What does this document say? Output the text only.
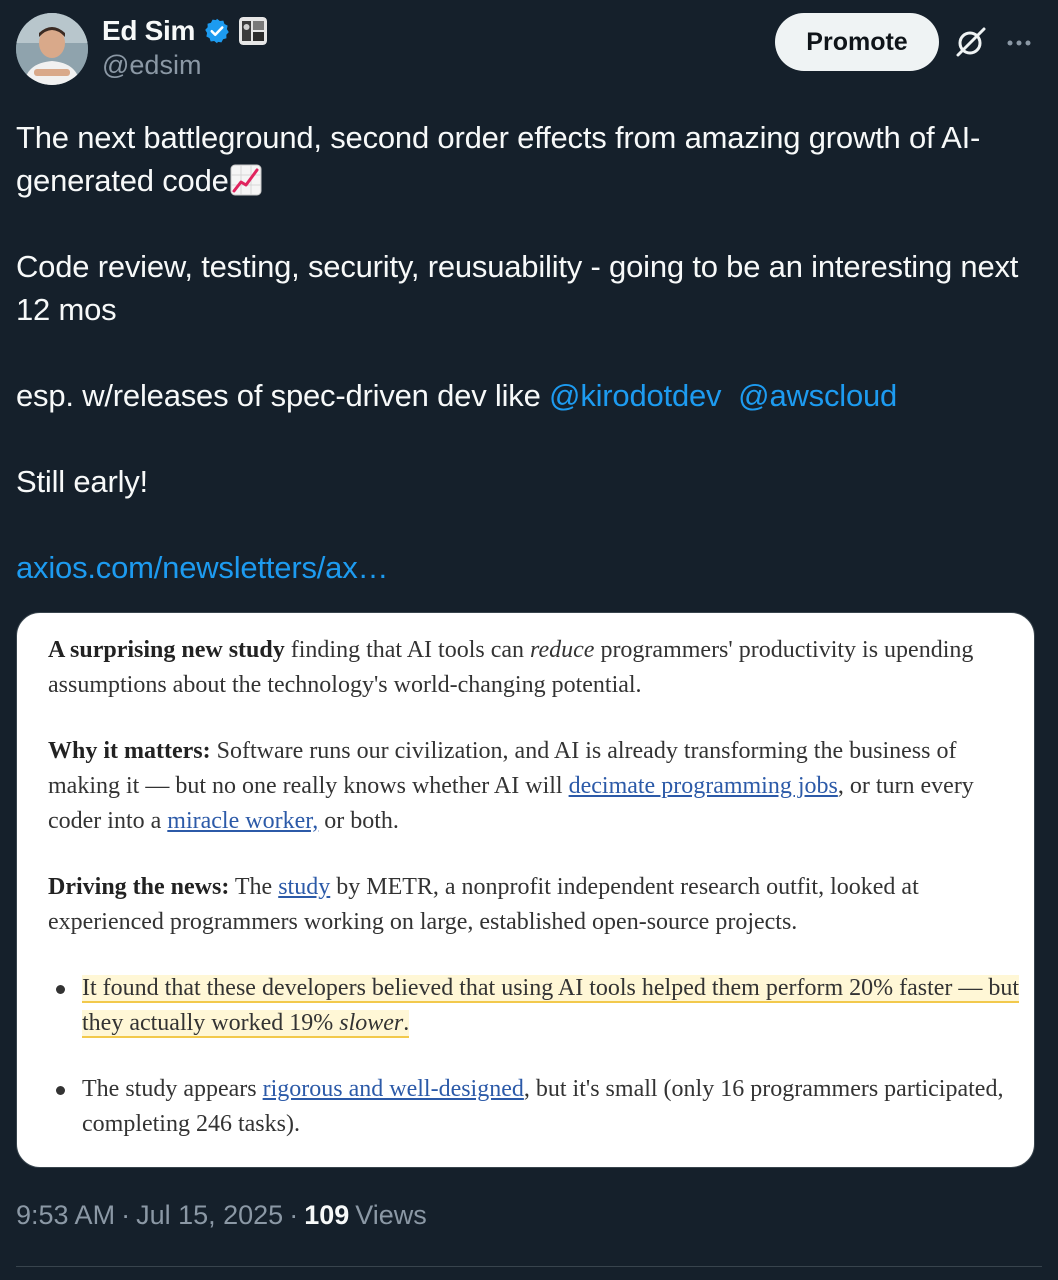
Ed Sim
@edsim
Promote

The next battleground, second order effects from amazing growth of AI-generated code

Code review, testing, security, reusuability - going to be an interesting next 12 mos

esp. w/releases of spec-driven dev like @kirodotdev @awscloud

Still early!

axios.com/newsletters/ax…

A surprising new study finding that AI tools can reduce programmers' productivity is upending assumptions about the technology's world-changing potential.

Why it matters: Software runs our civilization, and AI is already transforming the business of making it — but no one really knows whether AI will decimate programming jobs, or turn every coder into a miracle worker, or both.

Driving the news: The study by METR, a nonprofit independent research outfit, looked at experienced programmers working on large, established open-source projects.

It found that these developers believed that using AI tools helped them perform 20% faster — but they actually worked 19% slower.
The study appears rigorous and well-designed, but it's small (only 16 programmers participated, completing 246 tasks).
9:53 AM · Jul 15, 2025 · 109 Views
